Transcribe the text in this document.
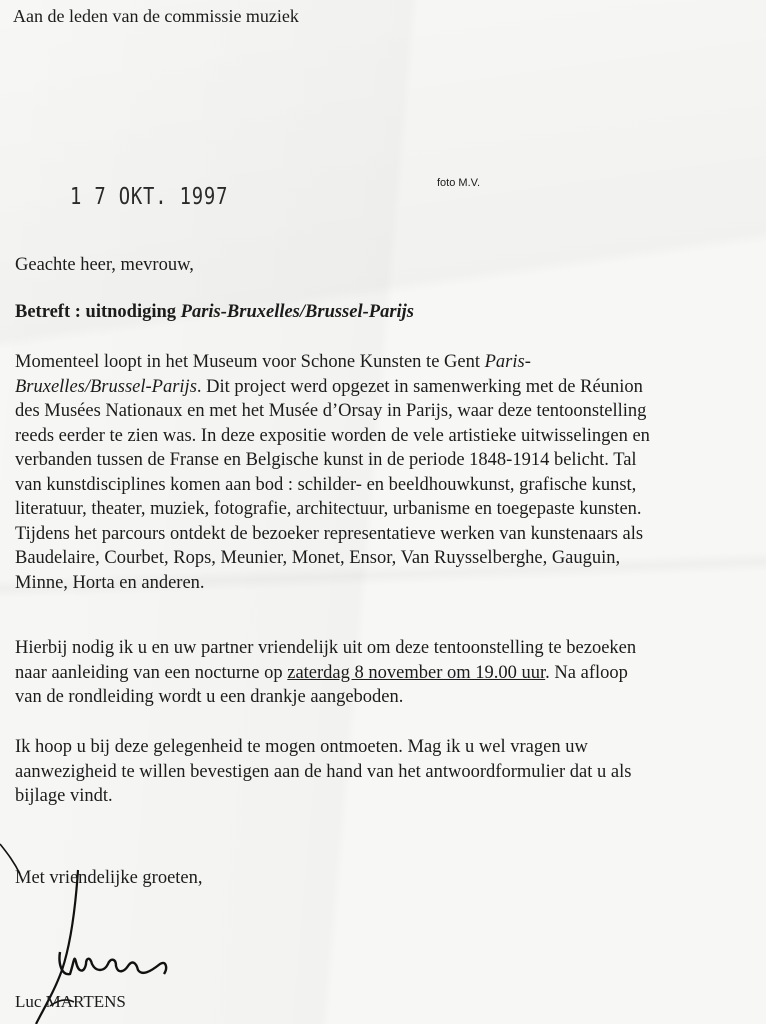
Aan de leden van de commissie muziek
1 7 OKT. 1997
foto M.V.
Geachte heer, mevrouw,
Betreft : uitnodiging Paris-Bruxelles/Brussel-Parijs
Momenteel loopt in het Museum voor Schone Kunsten te Gent Paris-
Bruxelles/Brussel-Parijs. Dit project werd opgezet in samenwerking met de Réunion
des Musées Nationaux en met het Musée d’Orsay in Parijs, waar deze tentoonstelling
reeds eerder te zien was. In deze expositie worden de vele artistieke uitwisselingen en
verbanden tussen de Franse en Belgische kunst in de periode 1848-1914 belicht. Tal
van kunstdisciplines komen aan bod : schilder- en beeldhouwkunst, grafische kunst,
literatuur, theater, muziek, fotografie, architectuur, urbanisme en toegepaste kunsten.
Tijdens het parcours ontdekt de bezoeker representatieve werken van kunstenaars als
Baudelaire, Courbet, Rops, Meunier, Monet, Ensor, Van Ruysselberghe, Gauguin,
Minne, Horta en anderen.
Hierbij nodig ik u en uw partner vriendelijk uit om deze tentoonstelling te bezoeken
naar aanleiding van een nocturne op zaterdag 8 november om 19.00 uur. Na afloop
van de rondleiding wordt u een drankje aangeboden.
Ik hoop u bij deze gelegenheid te mogen ontmoeten. Mag ik u wel vragen uw
aanwezigheid te willen bevestigen aan de hand van het antwoordformulier dat u als
bijlage vindt.
Met vriendelijke groeten,
Luc MARTENS
